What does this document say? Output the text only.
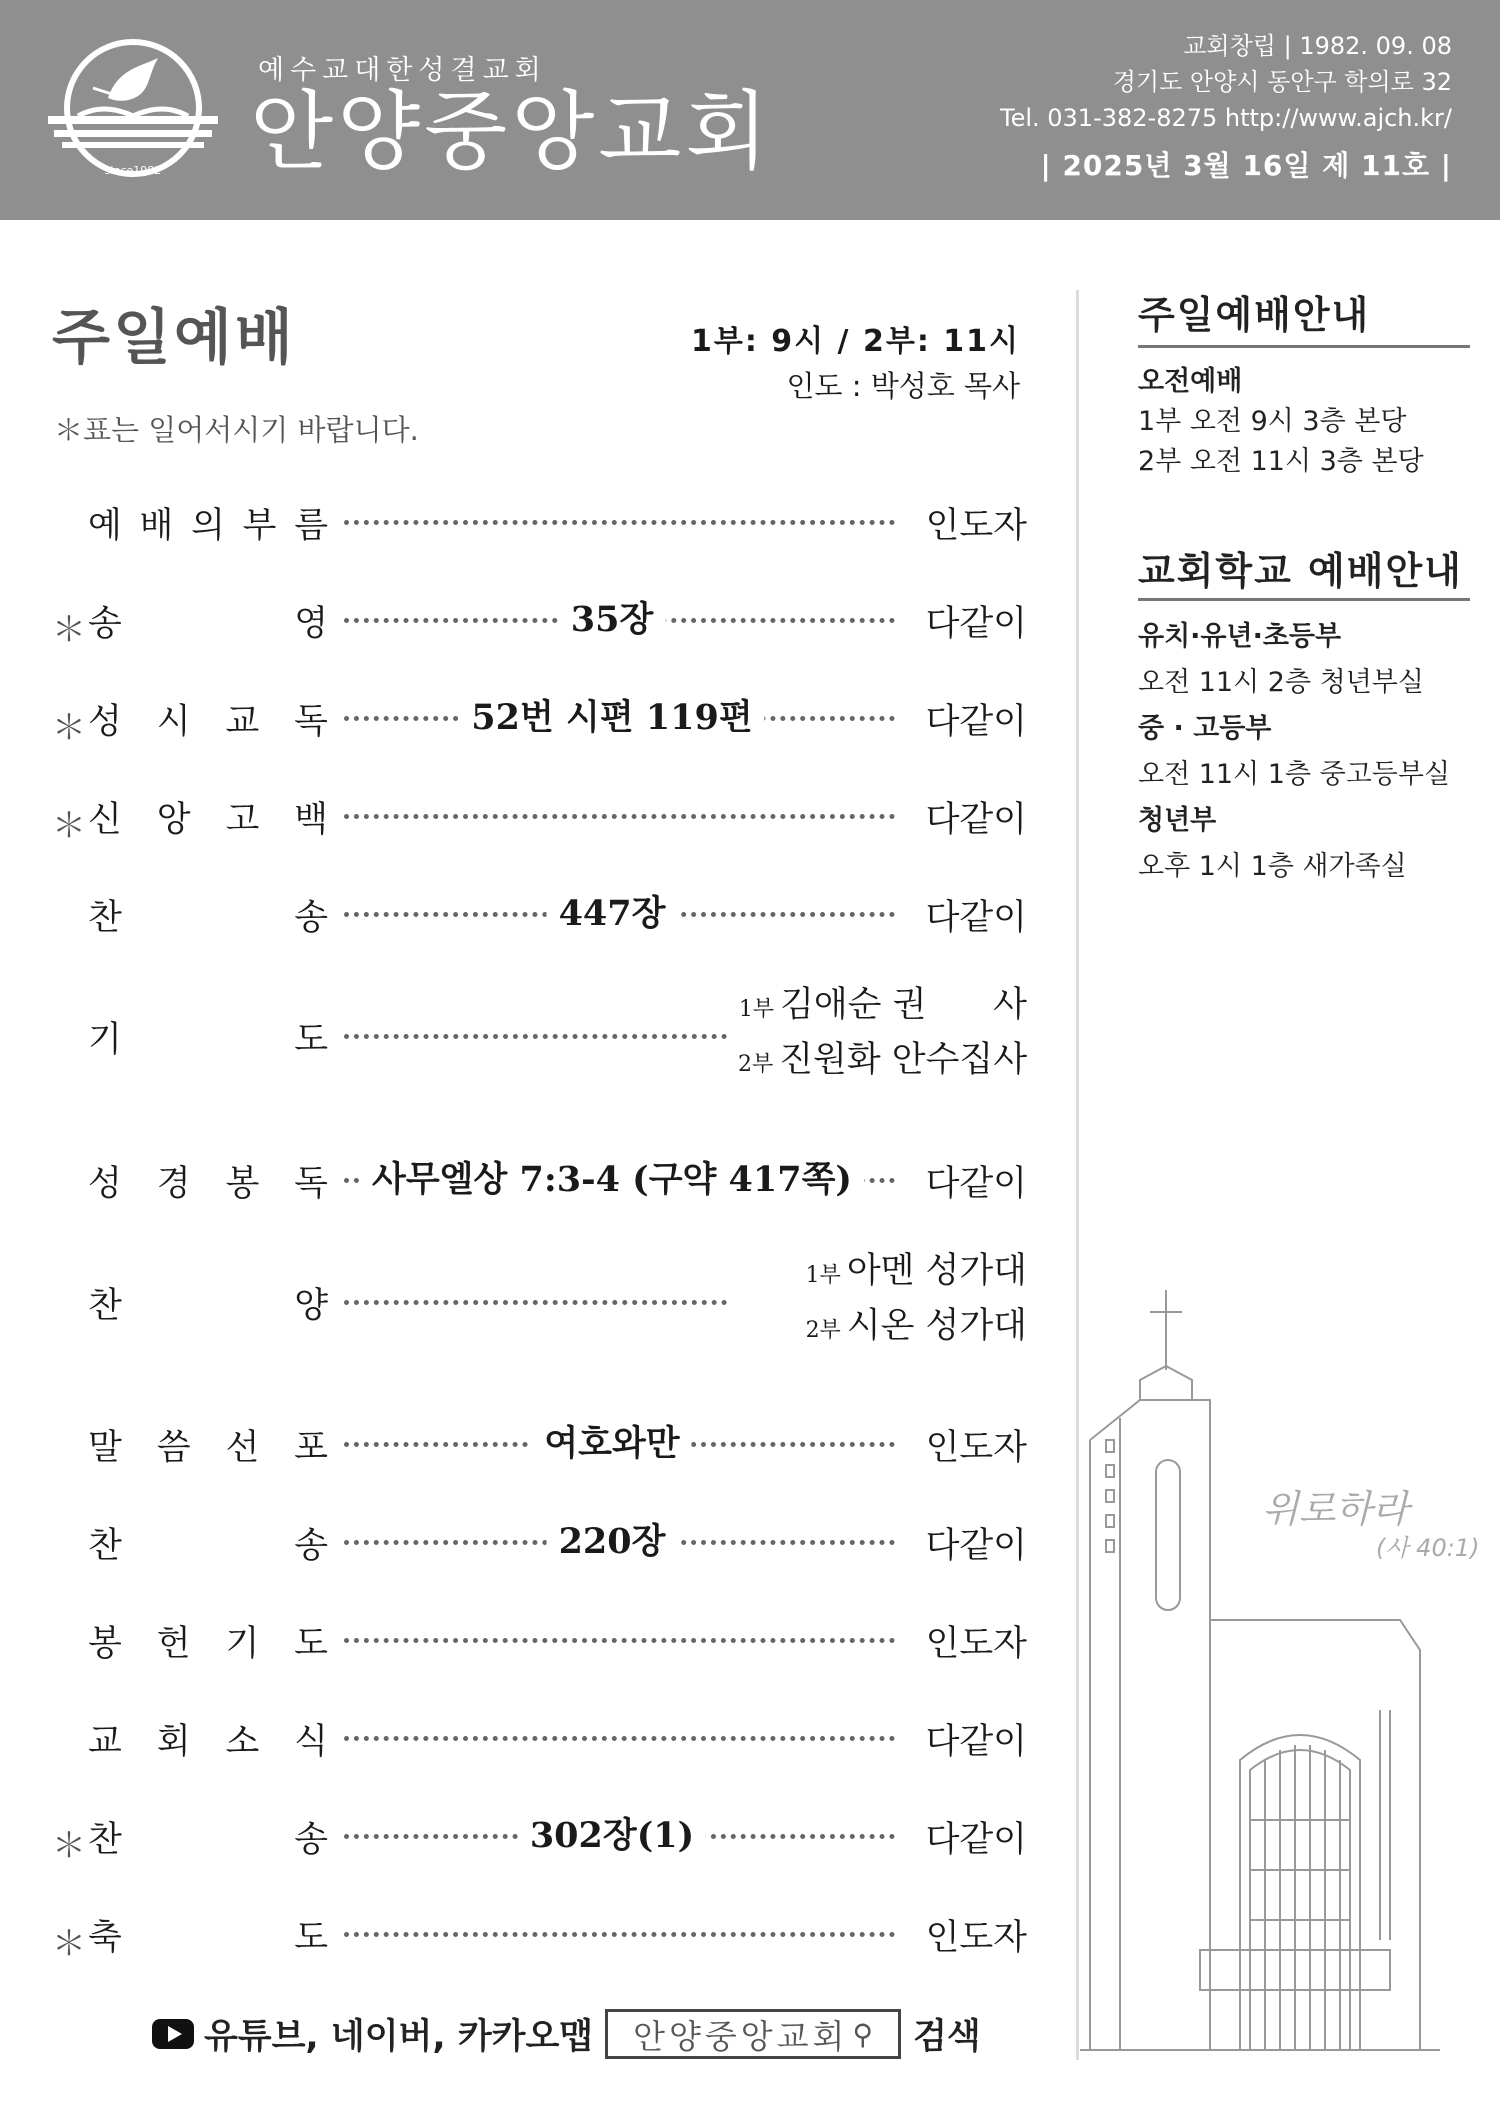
since1982
예수교대한성결교회
안양중앙교회
교회창립 | 1982. 09. 08
경기도 안양시 동안구 학의로 32
Tel. 031-382-8275 http://www.ajch.kr/
| 2025년 3월 16일 제 11호 |
주일예배	1부: 9시 / 2부: 11시
인도 : 박성호 목사
＊표는 일어서시기 바랍니다.
예 배 의 부 름	인도자
＊ 송	영	35장	다같이
＊ 성 시 교 독	52번 시편 119편	다같이
＊ 신 앙 고 백	다같이
찬	송	447장	다같이
기	도
1부 김애순 권      사
2부 진원화 안수집사
성 경 봉 독	사무엘상 7:3-4 (구약 417쪽)	다같이
찬	양
1부 아멘 성가대
2부 시온 성가대
말 씀 선 포	여호와만	인도자
찬	송	220장	다같이
봉 헌 기 도	인도자
교 회 소 식	다같이
＊ 찬	송	302장(1)	다같이
＊ 축	도	인도자
주일예배안내
오전예배
1부 오전 9시 3층 본당
2부 오전 11시 3층 본당
교회학교 예배안내
유치·유년·초등부
오전 11시 2층 청년부실
중 · 고등부
오전 11시 1층 중고등부실
청년부
오후 1시 1층 새가족실
위로하라
(사 40:1)
유튜브, 네이버, 카카오맵 안양중앙교회 ⚲ 검색
